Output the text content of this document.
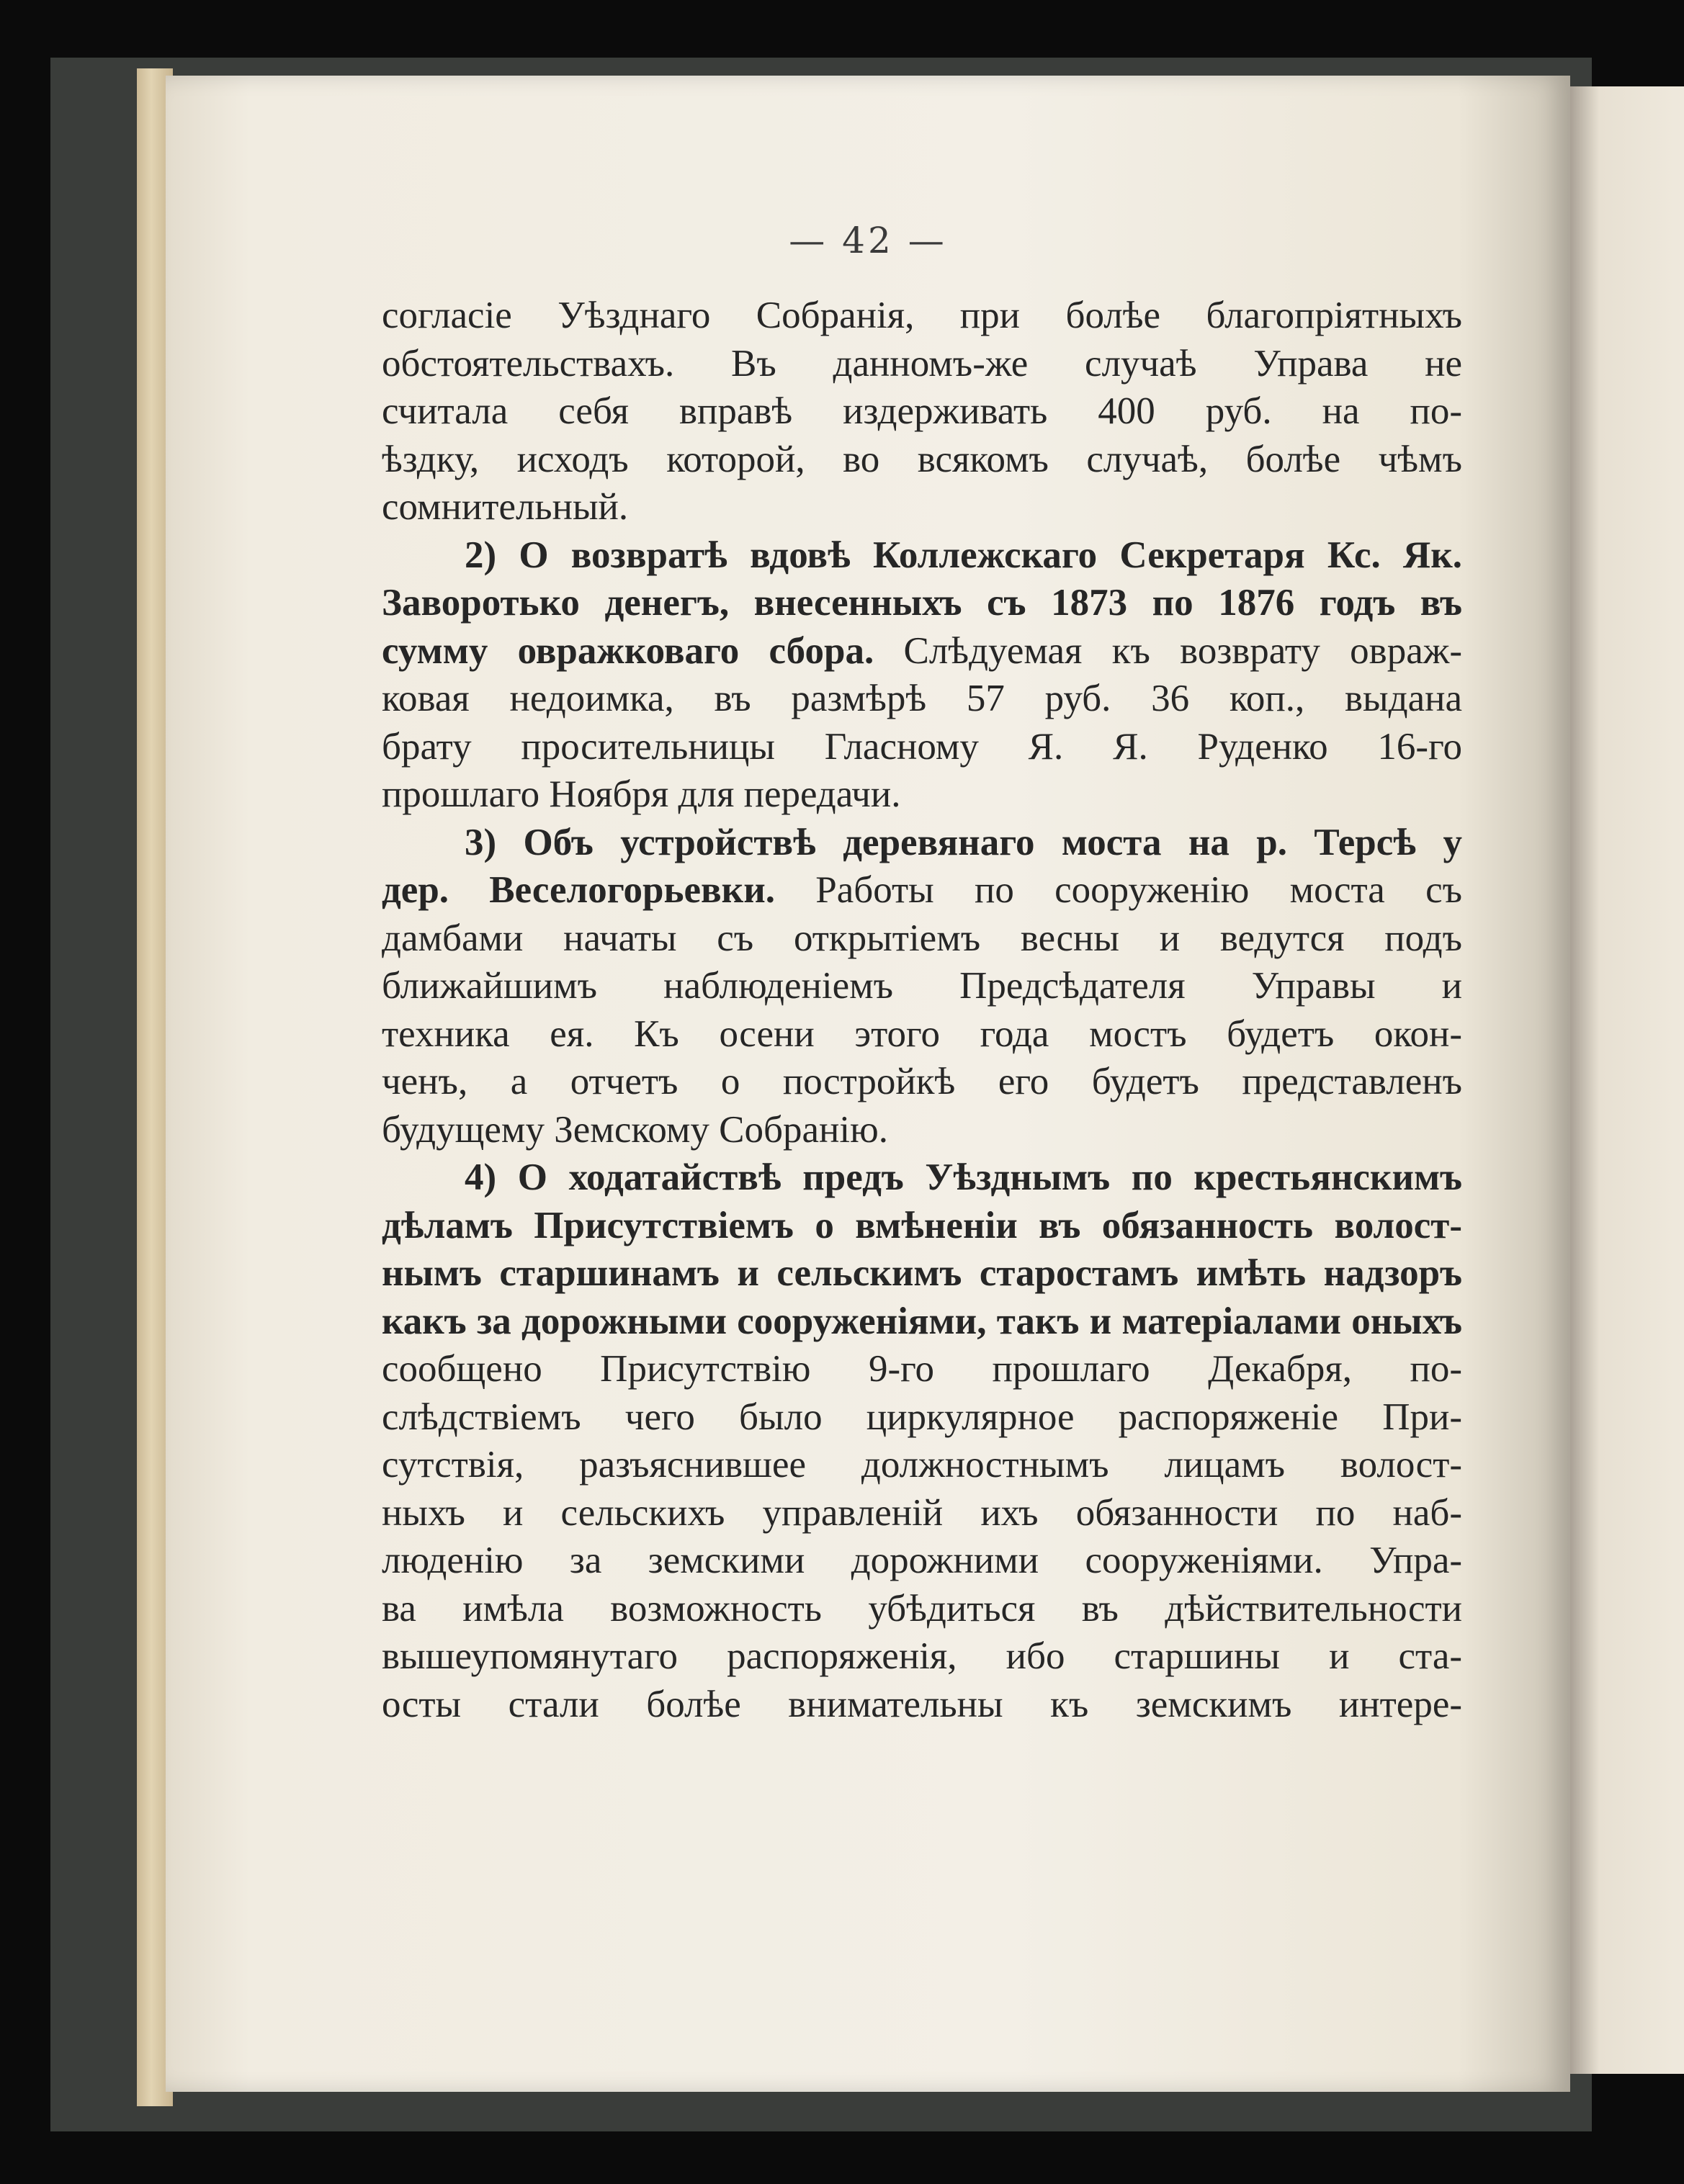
— 42 —
согласіе Уѣзднаго Собранія, при болѣе благопріятныхъ
обстоятельствахъ. Въ данномъ-же случаѣ Управа не
считала себя вправѣ издерживать 400 руб. на по-
ѣздку, исходъ которой, во всякомъ случаѣ, болѣе чѣмъ
сомнительный.
2) О возвратѣ вдовѣ Коллежскаго Секретаря Кс. Як.
Заворотько денегъ, внесенныхъ съ 1873 по 1876 годъ въ
сумму овражковаго сбора. Слѣдуемая къ возврату овраж-
ковая недоимка, въ размѣрѣ 57 руб. 36 коп., выдана
брату просительницы Гласному Я. Я. Руденко 16-го
прошлаго Ноября для передачи.
3) Объ устройствѣ деревянаго моста на р. Терсѣ у
дер. Веселогорьевки. Работы по сооруженію моста съ
дамбами начаты съ открытіемъ весны и ведутся подъ
ближайшимъ наблюденіемъ Предсѣдателя Управы и
техника ея. Къ осени этого года мостъ будетъ окон-
ченъ, а отчетъ о постройкѣ его будетъ представленъ
будущему Земскому Собранію.
4) О ходатайствѣ предъ Уѣзднымъ по крестьянскимъ
дѣламъ Присутствіемъ о вмѣненіи въ обязанность волост-
нымъ старшинамъ и сельскимъ старостамъ имѣть надзоръ
какъ за дорожными сооруженіями, такъ и матеріалами оныхъ
сообщено Присутствію 9-го прошлаго Декабря, по-
слѣдствіемъ чего было циркулярное распоряженіе При-
сутствія, разъяснившее должностнымъ лицамъ волост-
ныхъ и сельскихъ управленій ихъ обязанности по наб-
люденію за земскими дорожними сооруженіями. Упра-
ва имѣла возможность убѣдиться въ дѣйствительности
вышеупомянутаго распоряженія, ибо старшины и ста-
осты стали болѣе внимательны къ земскимъ интере-
